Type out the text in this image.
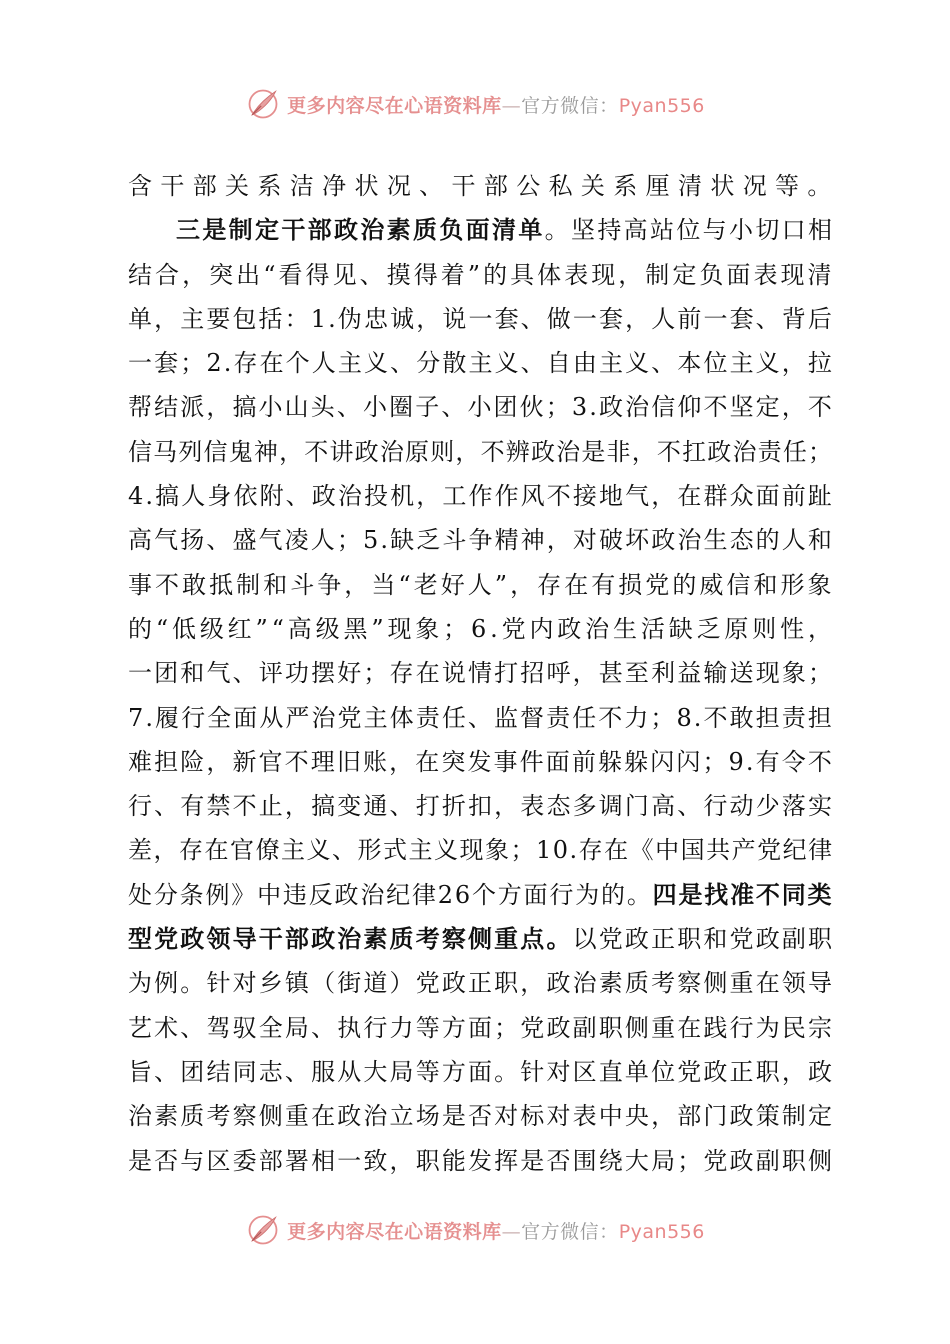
更多内容尽在心语资料库—官方微信：Pyan556
含干部关系洁净状况、干部公私关系厘清状况等。
三是制定干部政治素质负面清单。坚持高站位与小切口相
结合，突出“看得见、摸得着”的具体表现，制定负面表现清
单，主要包括：1.伪忠诚，说一套、做一套，人前一套、背后
一套；2.存在个人主义、分散主义、自由主义、本位主义，拉
帮结派，搞小山头、小圈子、小团伙；3.政治信仰不坚定，不
信马列信鬼神，不讲政治原则，不辨政治是非，不扛政治责任；
4.搞人身依附、政治投机，工作作风不接地气，在群众面前趾
高气扬、盛气凌人；5.缺乏斗争精神，对破坏政治生态的人和
事不敢抵制和斗争，当“老好人”，存在有损党的威信和形象
的“低级红”“高级黑”现象；6.党内政治生活缺乏原则性，
一团和气、评功摆好；存在说情打招呼，甚至利益输送现象；
7.履行全面从严治党主体责任、监督责任不力；8.不敢担责担
难担险，新官不理旧账，在突发事件面前躲躲闪闪；9.有令不
行、有禁不止，搞变通、打折扣，表态多调门高、行动少落实
差，存在官僚主义、形式主义现象；10.存在《中国共产党纪律
处分条例》中违反政治纪律26个方面行为的。四是找准不同类
型党政领导干部政治素质考察侧重点。以党政正职和党政副职
为例。针对乡镇（街道）党政正职，政治素质考察侧重在领导
艺术、驾驭全局、执行力等方面；党政副职侧重在践行为民宗
旨、团结同志、服从大局等方面。针对区直单位党政正职，政
治素质考察侧重在政治立场是否对标对表中央，部门政策制定
是否与区委部署相一致，职能发挥是否围绕大局；党政副职侧
更多内容尽在心语资料库—官方微信：Pyan556
